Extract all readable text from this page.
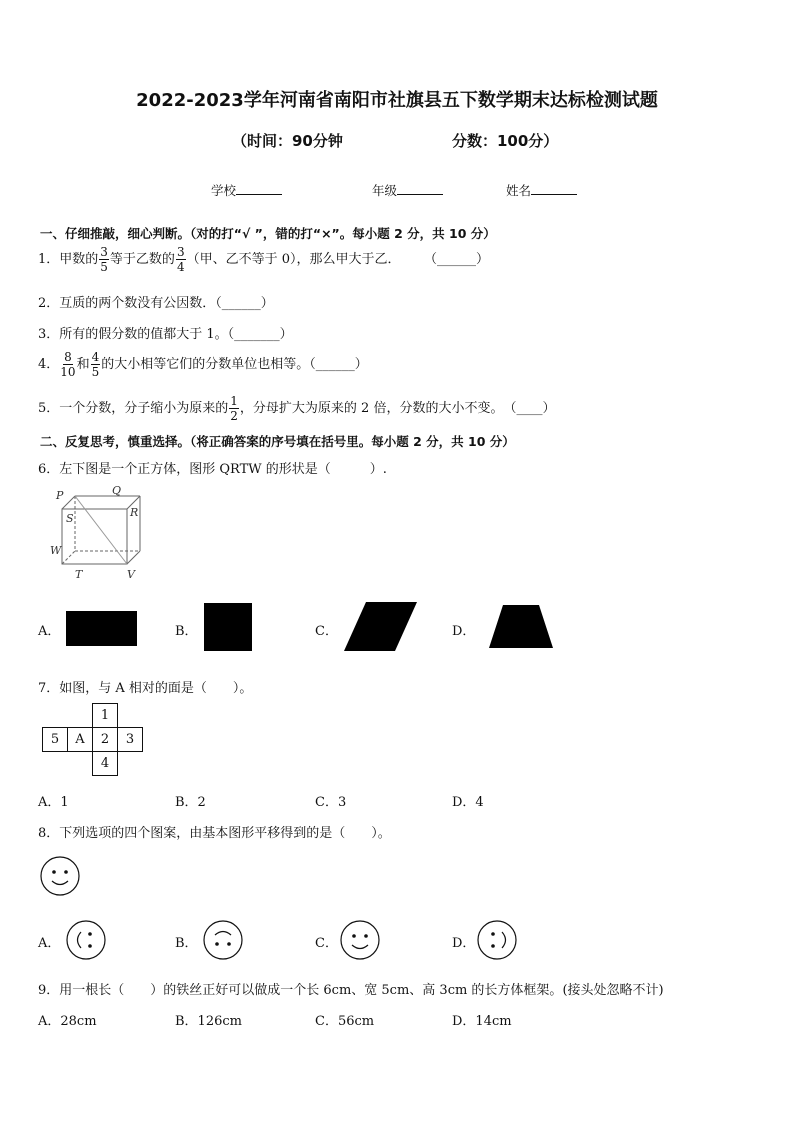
2022-2023学年河南省南阳市社旗县五下数学期末达标检测试题
（时间：90分钟	分数：100分）
学校	年级	姓名
一、仔细推敲，细心判断。（对的打“√ ”，错的打“×”。每小题 2 分，共 10 分）
1．甲数的 $\frac{3}{5}$ 等于乙数的 $\frac{3}{4}$ （甲、乙不等于 0），那么甲大于乙． （______）
2．互质的两个数没有公因数．（______）
3．所有的假分数的值都大于 1。（_______）
4． $\frac{8}{10}$ 和 $\frac{4}{5}$ 的大小相等它们的分数单位也相等。（______）
5．一个分数，分子缩小为原来的 $\frac{1}{2}$ ，分母扩大为原来的 2 倍，分数的大小不变。　（____）
二、反复思考，慎重选择。（将正确答案的序号填在括号里。每小题 2 分，共 10 分）
6．左下图是一个正方体，图形 QRTW 的形状是（　　　）.
P	Q
S	R
W
T	V
A．	B．	C．	D．
7．如图，与 A 相对的面是（　　）。
		1		
5	A	2	3	
		4		
A．1	B．2	C．3	D．4
8．下列选项的四个图案，由基本图形平移得到的是（　　）。
A．	B．	C．	D．
9．用一根长（　　）的铁丝正好可以做成一个长 6cm、宽 5cm、高 3cm 的长方体框架。(接头处忽略不计)
A．28cm	B．126cm	C．56cm	D．14cm
